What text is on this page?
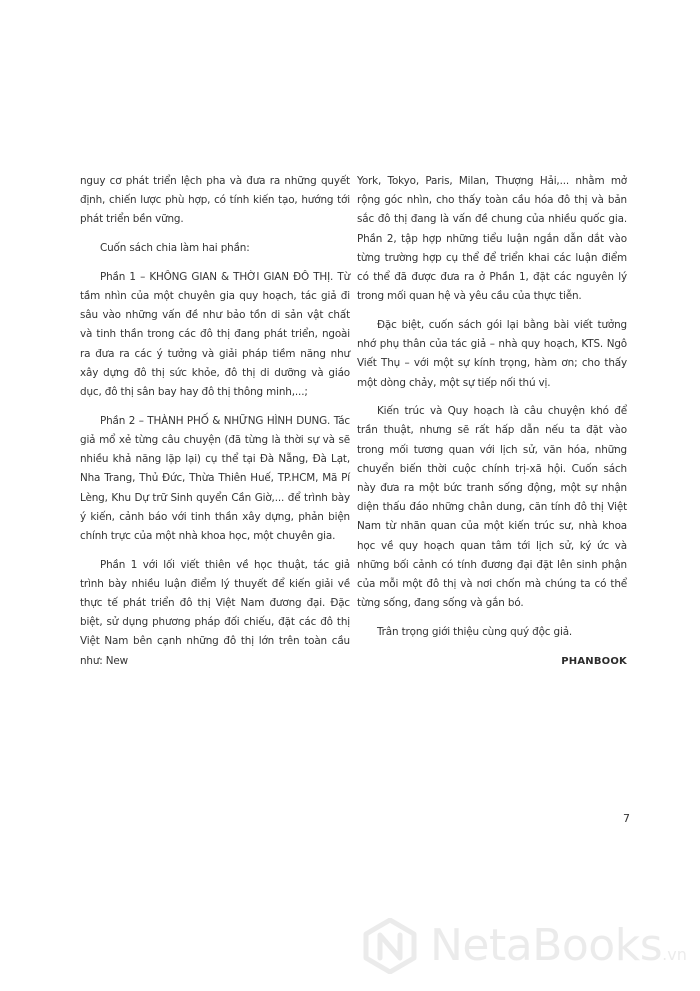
nguy cơ phát triển lệch pha và đưa ra những quyết định, chiến lược phù hợp, có tính kiến tạo, hướng tới phát triển bền vững.

Cuốn sách chia làm hai phần:

Phần 1 – KHÔNG GIAN & THỜI GIAN ĐÔ THỊ. Từ tầm nhìn của một chuyên gia quy hoạch, tác giả đi sâu vào những vấn đề như bảo tồn di sản vật chất và tinh thần trong các đô thị đang phát triển, ngoài ra đưa ra các ý tưởng và giải pháp tiềm năng như xây dựng đô thị sức khỏe, đô thị di dưỡng và giáo dục, đô thị sân bay hay đô thị thông minh,...;

Phần 2 – THÀNH PHỐ & NHỮNG HÌNH DUNG. Tác giả mổ xẻ từng câu chuyện (đã từng là thời sự và sẽ nhiều khả năng lặp lại) cụ thể tại Đà Nẵng, Đà Lạt, Nha Trang, Thủ Đức, Thừa Thiên Huế, TP.HCM, Mã Pí Lèng, Khu Dự trữ Sinh quyển Cần Giờ,... để trình bày ý kiến, cảnh báo với tinh thần xây dựng, phản biện chính trực của một nhà khoa học, một chuyên gia.

Phần 1 với lối viết thiên về học thuật, tác giả trình bày nhiều luận điểm lý thuyết để kiến giải về thực tế phát triển đô thị Việt Nam đương đại. Đặc biệt, sử dụng phương pháp đối chiếu, đặt các đô thị Việt Nam bên cạnh những đô thị lớn trên toàn cầu như: New

York, Tokyo, Paris, Milan, Thượng Hải,... nhằm mở rộng góc nhìn, cho thấy toàn cầu hóa đô thị và bản sắc đô thị đang là vấn đề chung của nhiều quốc gia. Phần 2, tập hợp những tiểu luận ngắn dẫn dắt vào từng trường hợp cụ thể để triển khai các luận điểm có thể đã được đưa ra ở Phần 1, đặt các nguyên lý trong mối quan hệ và yêu cầu của thực tiễn.

Đặc biệt, cuốn sách gói lại bằng bài viết tưởng nhớ phụ thân của tác giả – nhà quy hoạch, KTS. Ngô Viết Thụ – với một sự kính trọng, hàm ơn; cho thấy một dòng chảy, một sự tiếp nối thú vị.

Kiến trúc và Quy hoạch là câu chuyện khó để trần thuật, nhưng sẽ rất hấp dẫn nếu ta đặt vào trong mối tương quan với lịch sử, văn hóa, những chuyển biến thời cuộc chính trị-xã hội. Cuốn sách này đưa ra một bức tranh sống động, một sự nhận diện thấu đáo những chân dung, căn tính đô thị Việt Nam từ nhãn quan của một kiến trúc sư, nhà khoa học về quy hoạch quan tâm tới lịch sử, ký ức và những bối cảnh có tính đương đại đặt lên sinh phận của mỗi một đô thị và nơi chốn mà chúng ta có thể từng sống, đang sống và gắn bó.

Trân trọng giới thiệu cùng quý độc giả.

PHANBOOK

7
NetaBooks.vn
